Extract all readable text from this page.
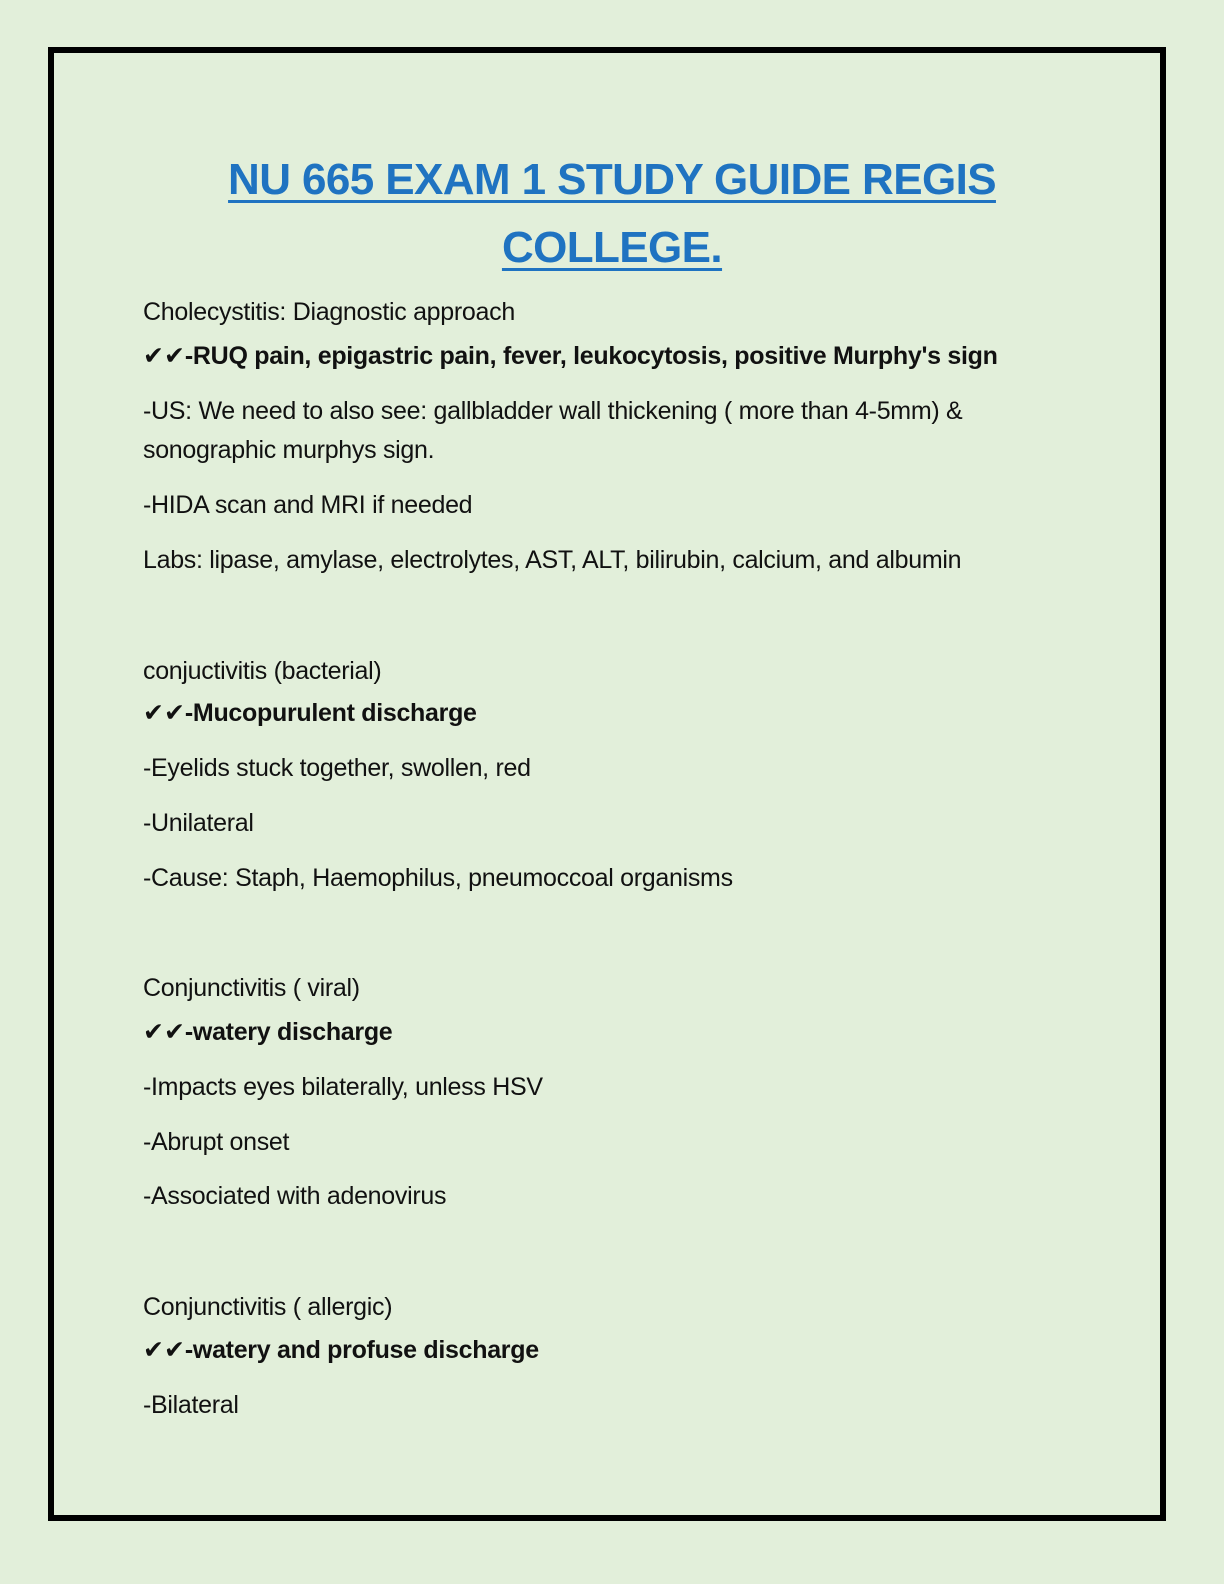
NU 665 EXAM 1 STUDY GUIDE REGIS
COLLEGE.
Cholecystitis: Diagnostic approach
✔✔-RUQ pain, epigastric pain, fever, leukocytosis, positive Murphy's sign
-US: We need to also see: gallbladder wall thickening ( more than 4-5mm) &
sonographic murphys sign.
-HIDA scan and MRI if needed
Labs: lipase, amylase, electrolytes, AST, ALT, bilirubin, calcium, and albumin
conjuctivitis (bacterial)
✔✔-Mucopurulent discharge
-Eyelids stuck together, swollen, red
-Unilateral
-Cause: Staph, Haemophilus, pneumoccoal organisms
Conjunctivitis ( viral)
✔✔-watery discharge
-Impacts eyes bilaterally, unless HSV
-Abrupt onset
-Associated with adenovirus
Conjunctivitis ( allergic)
✔✔-watery and profuse discharge
-Bilateral
